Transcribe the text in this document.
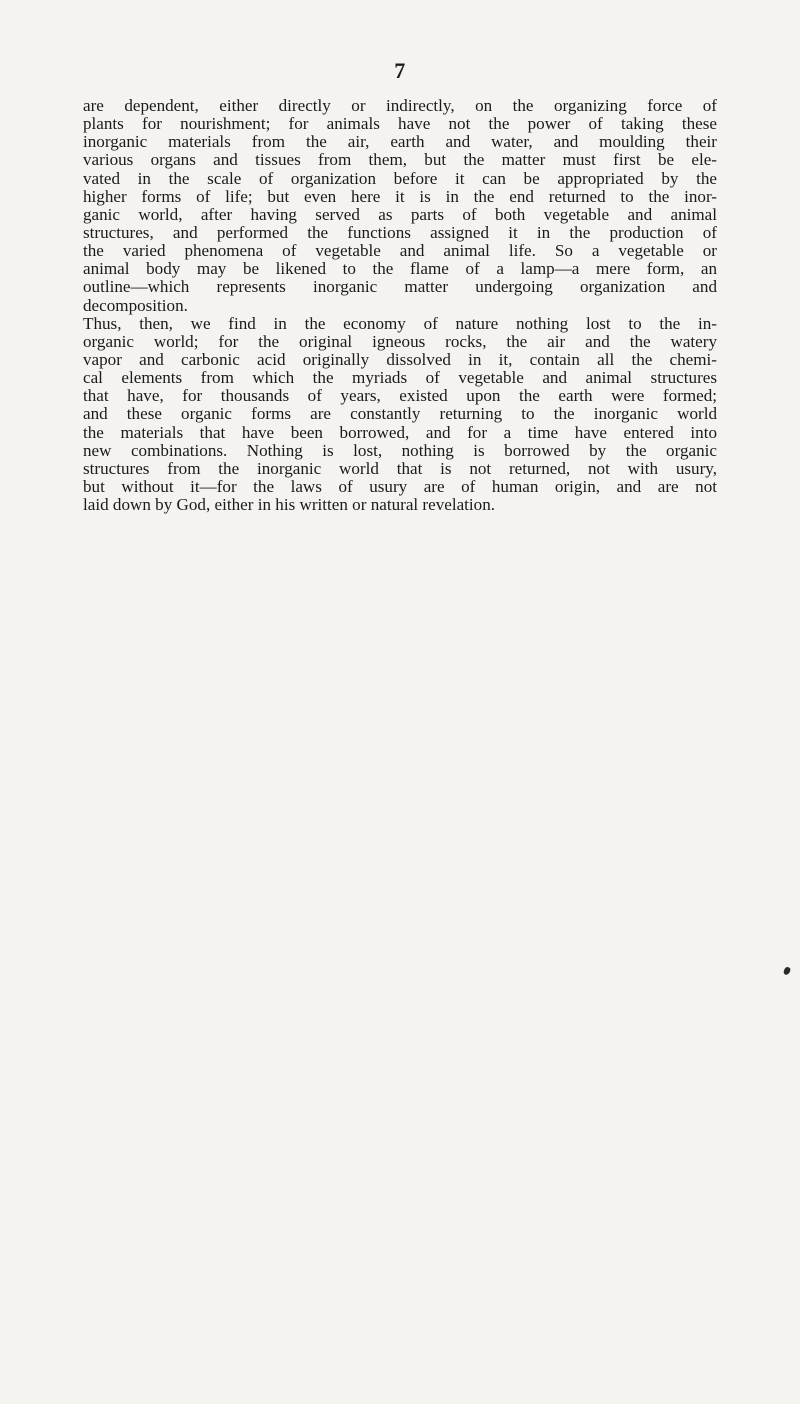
7
are dependent, either directly or indirectly, on the organizing force of
plants for nourishment; for animals have not the power of taking these
inorganic materials from the air, earth and water, and moulding their
various organs and tissues from them, but the matter must first be ele-
vated in the scale of organization before it can be appropriated by the
higher forms of life; but even here it is in the end returned to the inor-
ganic world, after having served as parts of both vegetable and animal
structures, and performed the functions assigned it in the production of
the varied phenomena of vegetable and animal life. So a vegetable or
animal body may be likened to the flame of a lamp—a mere form, an
outline—which represents inorganic matter undergoing organization and
decomposition.
Thus, then, we find in the economy of nature nothing lost to the in-
organic world; for the original igneous rocks, the air and the watery
vapor and carbonic acid originally dissolved in it, contain all the chemi-
cal elements from which the myriads of vegetable and animal structures
that have, for thousands of years, existed upon the earth were formed;
and these organic forms are constantly returning to the inorganic world
the materials that have been borrowed, and for a time have entered into
new combinations. Nothing is lost, nothing is borrowed by the organic
structures from the inorganic world that is not returned, not with usury,
but without it—for the laws of usury are of human origin, and are not
laid down by God, either in his written or natural revelation.
